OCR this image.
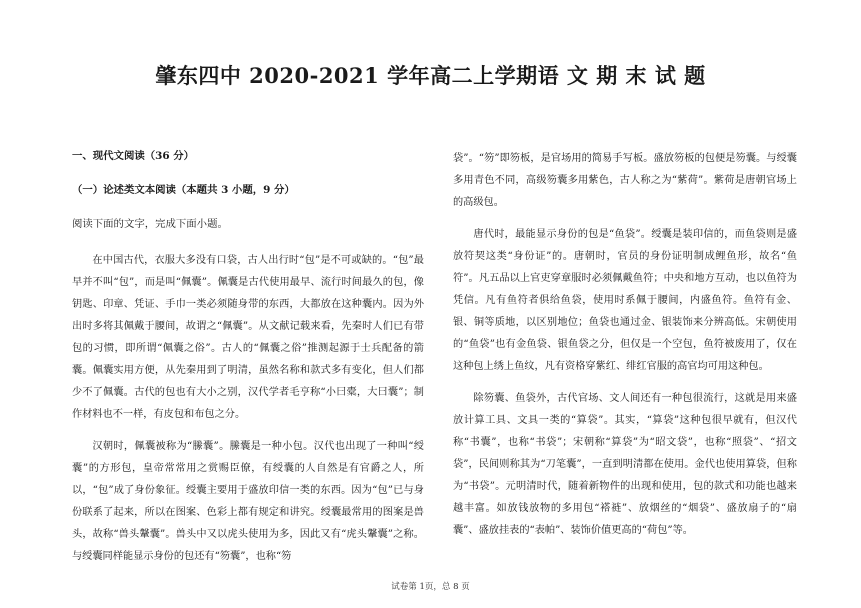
肇东四中 2020-2021 学年高二上学期语 文 期 末 试 题
一、现代文阅读（36 分）
（一）论述类文本阅读（本题共 3 小题，9 分）
阅读下面的文字，完成下面小题。

在中国古代，衣服大多没有口袋，古人出行时“包”是不可或缺的。“包”最早并不叫“包”，而是叫“佩囊”。佩囊是古代使用最早、流行时间最久的包，像钥匙、印章、凭证、手巾一类必须随身带的东西，大都放在这种囊内。因为外出时多将其佩戴于腰间，故谓之“佩囊”。从文献记载来看，先秦时人们已有带包的习惯，即所谓“佩囊之俗”。古人的“佩囊之俗”推测起源于士兵配备的箭囊。佩囊实用方便，从先秦用到了明清，虽然名称和款式多有变化，但人们都少不了佩囊。古代的包也有大小之别，汉代学者毛亨称“小曰橐，大曰囊”；制作材料也不一样，有皮包和布包之分。

汉朝时，佩囊被称为“縢囊”。縢囊是一种小包。汉代也出现了一种叫“绶囊”的方形包，皇帝常常用之赏赐臣僚，有绶囊的人自然是有官爵之人，所以，“包”成了身份象征。绶囊主要用于盛放印信一类的东西。因为“包”已与身份联系了起来，所以在图案、色彩上都有规定和讲究。绶囊最常用的图案是兽头，故称“兽头鞶囊”。兽头中又以虎头使用为多，因此又有“虎头鞶囊”之称。与绶囊同样能显示身份的包还有“笏囊”，也称“笏

袋”。“笏”即笏板，是官场用的简易手写板。盛放笏板的包便是笏囊。与绶囊多用青色不同，高级笏囊多用紫色，古人称之为“紫荷”。紫荷是唐朝官场上的高级包。

唐代时，最能显示身份的包是“鱼袋”。绶囊是装印信的，而鱼袋则是盛放符契这类“身份证”的。唐朝时，官员的身份证明制成鲤鱼形，故名“鱼符”。凡五品以上官吏穿章服时必须佩戴鱼符；中央和地方互动，也以鱼符为凭信。凡有鱼符者俱给鱼袋，使用时系佩于腰间，内盛鱼符。鱼符有金、银、铜等质地，以区别地位；鱼袋也通过金、银装饰来分辨高低。宋朝使用的“鱼袋”也有金鱼袋、银鱼袋之分，但仅是一个空包，鱼符被废用了，仅在这种包上绣上鱼纹，凡有资格穿紫红、绯红官服的高官均可用这种包。

除笏囊、鱼袋外，古代官场、文人间还有一种包很流行，这就是用来盛放计算工具、文具一类的“算袋”。其实，“算袋”这种包很早就有，但汉代称“书囊”，也称“书袋”；宋朝称“算袋”为“昭文袋”，也称“照袋”、“招文袋”，民间则称其为“刀笔囊”，一直到明清都在使用。金代也使用算袋，但称为“书袋”。元明清时代，随着新物件的出现和使用，包的款式和功能也越来越丰富。如放钱放物的多用包“褡裢”、放烟丝的“烟袋”、盛放扇子的“扇囊”、盛放挂表的“表帕”、装饰价值更高的“荷包”等。

试卷第 1页，总 8 页
